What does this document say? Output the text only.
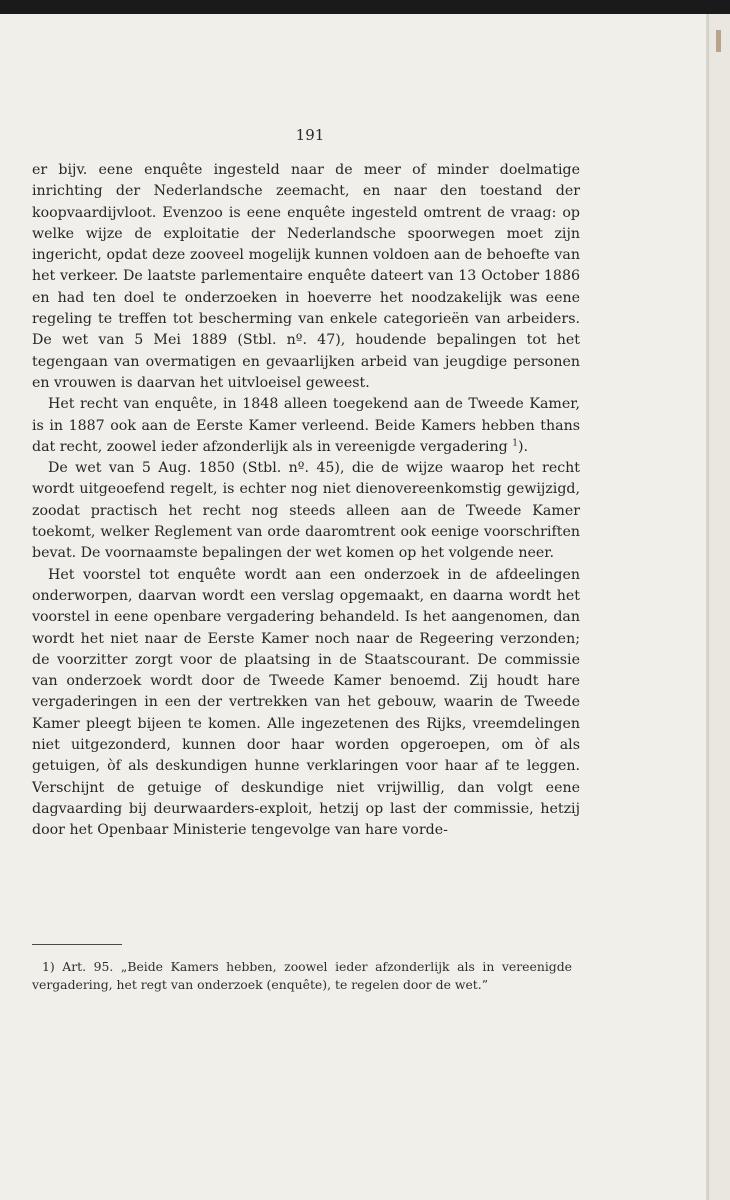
191

er bijv. eene enquête ingesteld naar de meer of minder doelmatige inrichting der Nederlandsche zeemacht, en naar den toestand der koopvaardijvloot. Evenzoo is eene enquête ingesteld omtrent de vraag: op welke wijze de exploitatie der Nederlandsche spoorwegen moet zijn ingericht, opdat deze zooveel mogelijk kunnen voldoen aan de behoefte van het verkeer. De laatste parlementaire enquête dateert van 13 October 1886 en had ten doel te onderzoeken in hoeverre het noodzakelijk was eene regeling te treffen tot bescherming van enkele categorieën van arbeiders. De wet van 5 Mei 1889 (Stbl. nº. 47), houdende bepalingen tot het tegengaan van overmatigen en gevaarlijken arbeid van jeugdige personen en vrouwen is daarvan het uitvloeisel geweest.

Het recht van enquête, in 1848 alleen toegekend aan de Tweede Kamer, is in 1887 ook aan de Eerste Kamer verleend. Beide Kamers hebben thans dat recht, zoowel ieder afzonderlijk als in vereenigde vergadering $^1$).

De wet van 5 Aug. 1850 (Stbl. nº. 45), die de wijze waarop het recht wordt uitgeoefend regelt, is echter nog niet dienovereenkomstig gewijzigd, zoodat practisch het recht nog steeds alleen aan de Tweede Kamer toekomt, welker Reglement van orde daaromtrent ook eenige voorschriften bevat. De voornaamste bepalingen der wet komen op het volgende neer.

Het voorstel tot enquête wordt aan een onderzoek in de afdeelingen onderworpen, daarvan wordt een verslag opgemaakt, en daarna wordt het voorstel in eene openbare vergadering behandeld. Is het aangenomen, dan wordt het niet naar de Eerste Kamer noch naar de Regeering verzonden; de voorzitter zorgt voor de plaatsing in de Staatscourant. De commissie van onderzoek wordt door de Tweede Kamer benoemd. Zij houdt hare vergaderingen in een der vertrekken van het gebouw, waarin de Tweede Kamer pleegt bijeen te komen. Alle ingezetenen des Rijks, vreemdelingen niet uitgezonderd, kunnen door haar worden opgeroepen, om òf als getuigen, òf als deskundigen hunne verklaringen voor haar af te leggen. Verschijnt de getuige of deskundige niet vrijwillig, dan volgt eene dagvaarding bij deurwaarders-exploit, hetzij op last der commissie, hetzij door het Openbaar Ministerie tengevolge van hare vorde-

1) Art. 95. „Beide Kamers hebben, zoowel ieder afzonderlijk als in vereenigde vergadering, het regt van onderzoek (enquête), te regelen door de wet.”
